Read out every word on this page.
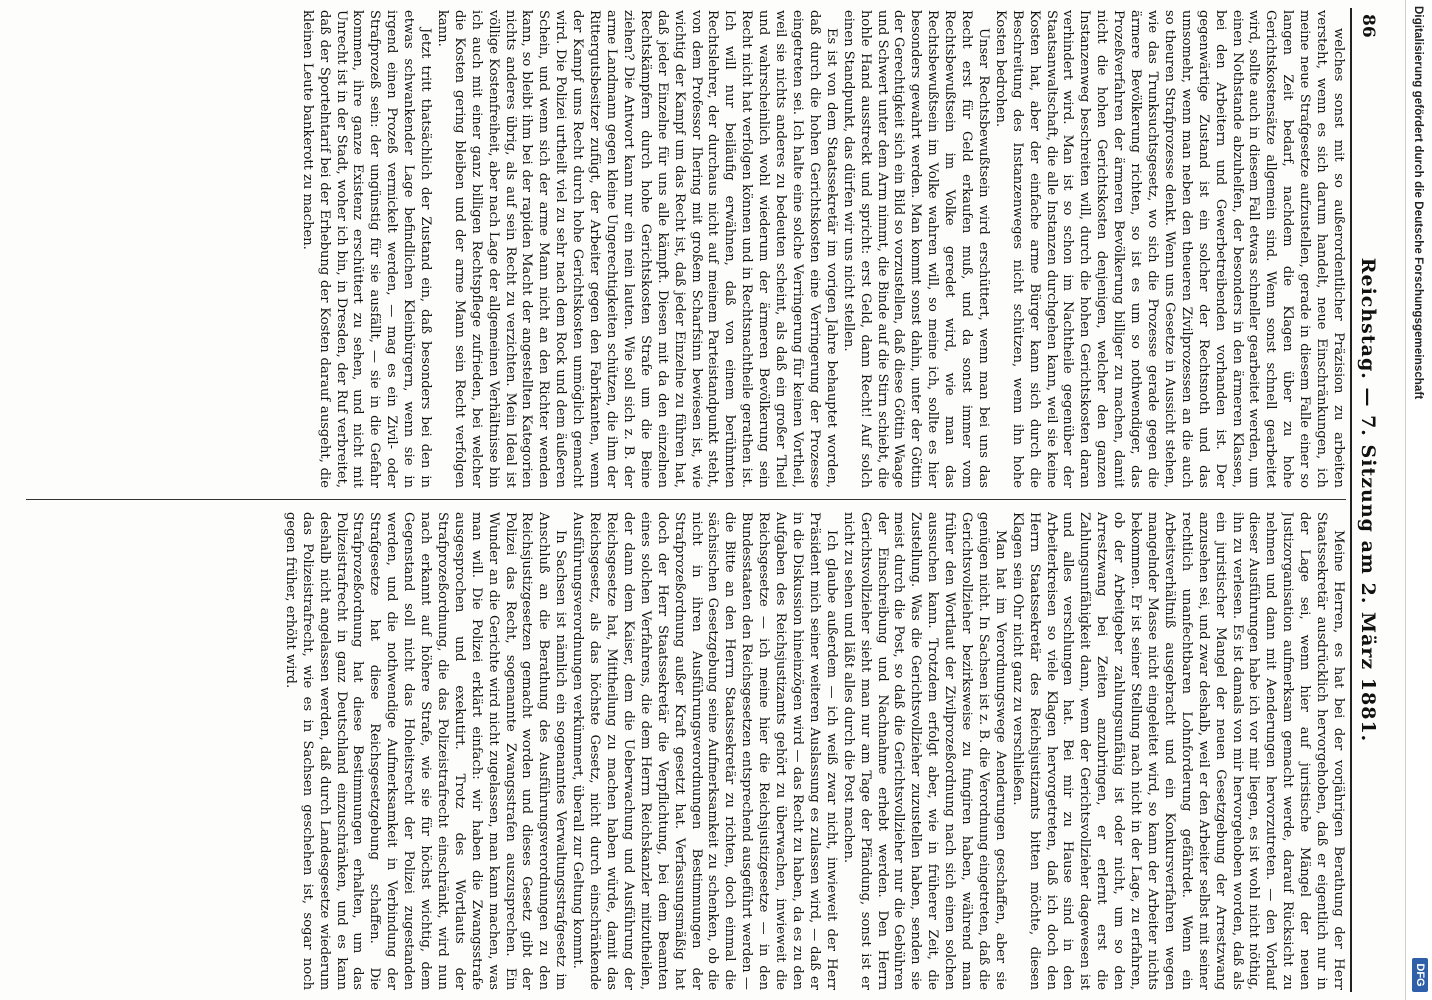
Digitalisierung gefördert durch die Deutsche Forschungsgemeinschaft
DFG
86
Reichstag. — 7. Sitzung am 2. März 1881.

welches sonst mit so außerordentlicher Präzision zu arbeiten versteht, wenn es sich darum handelt, neue Einschränkungen, ich meine neue Strafgesetze aufzustellen, gerade in diesem Falle einer so langen Zeit bedarf, nachdem die Klagen über zu hohe Gerichtskostensätze allgemein sind. Wenn sonst schnell gearbeitet wird, sollte auch in diesem Fall etwas schneller gearbeitet werden, um einen Nothstande abzuhelfen, der besonders in den ärmeren Klassen, bei den Arbeitern und Gewerbetreibenden vorhanden ist. Der gegenwärtige Zustand ist ein solcher der Rechtsnoth und das umsomehr, wenn man neben den theueren Zivilprozessen an die auch so theuren Strafprozesse denkt. Wenn uns Gesetze in Aussicht stehen, wie das Trunksuchtsgesetz, wo sich die Prozesse gerade gegen die ärmere Bevölkerung richten, so ist es um so nothwendiger, das Prozeßverfahren der ärmeren Bevölkerung billiger zu machen, damit nicht die hohen Gerichtskosten denjenigen, welcher den ganzen Instanzenweg beschreiten will, durch die hohen Gerichtskosten daran verhindert wird. Man ist so schon im Nachtheile gegenüber der Staatsanwaltschaft, die alle Instanzen durchgehen kann, weil sie keine Kosten hat, aber der einfache arme Bürger kann sich durch die Beschreitung des Instanzenweges nicht schützen, wenn ihn hohe Kosten bedrohen.

Unser Rechtsbewußtsein wird erschüttert, wenn man bei uns das Recht erst für Geld erkaufen muß, und da sonst immer vom Rechtsbewußtsein im Volke geredet wird, wie man das Rechtsbewußtsein im Volke wahren will, so meine ich, sollte es hier besonders gewahrt werden. Man kommt sonst dahin, unter der Göttin der Gerechtigkeit sich ein Bild so vorzustellen, daß diese Göttin Waage und Schwert unter dem Arm nimmt, die Binde auf die Stirn schiebt, die hohle Hand ausstreckt und spricht: erst Geld, dann Recht! Auf solch einen Standpunkt, das dürfen wir uns nicht stellen.

Es ist von dem Staatssekretär im vorigen Jahre behauptet worden, daß durch die hohen Gerichtskosten eine Verringerung der Prozesse eingetreten sei. Ich halte eine solche Verringerung für keinen Vortheil, weil sie nichts anderes zu bedeuten scheint, als daß ein großer Theil und wahrscheinlich wohl wiederum der ärmeren Bevölkerung sein Recht nicht hat verfolgen können und in Rechtsnachtheile gerathen ist. Ich will nur beiläufig erwähnen, daß von einem berühmten Rechtslehrer, der durchaus nicht auf meinem Parteistandpunkt steht, von dem Professor Ihering mit großem Scharfsinn bewiesen ist, wie wichtig der Kampf um das Recht ist, daß jeder Einzelne zu führen hat, daß jeder Einzelne für uns alle kämpft. Diesen mit da den einzelnen Rechtskämpfern durch hohe Gerichtskosten Strafe um die Beine ziehen? Die Antwort kann nur ein nein lauten. Wie soll sich z. B. der arme Landmann gegen kleine Ungerechtigkeiten schützen, die ihm der Rittergutsbesitzer zufügt, der Arbeiter gegen den Fabrikanten, wenn der Kampf ums Recht durch hohe Gerichtskosten unmöglich gemacht wird. Die Polizei urtheilt viel zu sehr nach dem Rock und dem äußeren Schein, und wenn sich der arme Mann nicht an den Richter wenden kann, so bleibt ihm bei der rapiden Macht der angestellten Kategorien nichts anderes übrig, als auf sein Recht zu verzichten. Mein Ideal ist völlige Kostenfreiheit, aber nach Lage der allgemeinen Verhältnisse bin ich auch mit einer ganz billigen Rechtspflege zufrieden, bei welcher die Kosten gering bleiben und der arme Mann sein Recht verfolgen kann.

Jetzt tritt thatsächlich der Zustand ein, daß besonders bei den in etwas schwankender Lage befindlichen Kleinbürgern, wenn sie in irgend einen Prozeß vermickelt werden, — mag es ein Zivil- oder Strafprozeß sein: der ungünstig für sie ausfällt, — sie in die Gefahr kommen, ihre ganze Existenz erschüttert zu sehen, und nicht mit Unrecht ist in der Stadt, woher ich bin, in Dresden, der Ruf verbreitet, daß der Sportelntarif bei der Erhebung der Kosten darauf ausgeht, die kleinen Leute bankerott zu machen.

Meine Herren, es hat bei der vorjährigen Berathung der Herr Staatssekretär ausdrücklich hervorgehoben, daß er eigentlich nur in der Lage sei, wenn hier auf juristische Mängel der neuen Justizorganisation aufmerksam gemacht werde, darauf Rücksicht zu nehmen und dann mit Aenderungen hervorzutreten. — den Vorlauf dieser Ausführungen habe ich vor mir liegen, es ist wohl nicht nöthig, ihn zu verlesen. Es ist damals von mir hervorgehoben worden, daß als ein juristischer Mangel der neuen Gesetzgebung der Arrestzwang anzusehen sei, und zwar deshalb, weil er den Arbeiter selbst mit seiner rechtlich unanfechtbaren Lohnforderung gefährdet. Wenn ein Arbeitsverhältniß ausgebracht und ein Konkursverfahren wegen mangelnder Masse nicht eingeleitet wird, so kann der Arbeiter nichts bekommen. Er ist seiner Stellung nach nicht in der Lage, zu erfahren, ob der Arbeitgeber zahlungsunfähig ist oder nicht, um so den Arrestzwang bei Zeiten anzubringen, er erlernt erst die Zahlungsunfähigkeit dann, wenn der Gerichtsvollzieher dagewesen ist und alles verschlungen hat. Bei mir zu Hause sind in den Arbeiterkreisen so viele Klagen hervorgetreten, daß ich doch den Herrn Staatssekretär des Reichsjustizamts bitten möchte, diesen Klagen sein Ohr nicht ganz zu verschließen.

Man hat im Verordnungswege Aenderungen geschaffen, aber sie genügen nicht. In Sachsen ist z. B. die Verordnung eingetreten, daß die Gerichtsvollzieher bezirksweise zu fungiren haben, während man früher den Wortlaut der Zivilprozeßordnung nach sich einen solchen aussuchen kann. Trotzdem erfolgt aber, wie in früherer Zeit, die Zustellung. Was die Gerichtsvollzieher zuzustellen haben, senden sie meist durch die Post, so daß die Gerichtsvollzieher nur die Gebühren der Einschreibung und Nachnahme erhebt werden. Den Herrn Gerichtsvollzieher sieht man nur am Tage der Pfändung, sonst ist er nicht zu sehen und läßt alles durch die Post machen.

Ich glaube außerdem — ich weiß zwar nicht, inwieweit der Herr Präsident mich seiner weiteren Auslassung es zulassen wird, — daß er in die Diskussion hineinzögen wird — das Recht zu haben, da es zu den Aufgaben des Reichsjustizamts gehört zu überwachen, inwieweit die Reichsgesetze — ich meine hier die Reichsjustizgesetze — in den Bundesstaaten den Reichsgesetzen entsprechend ausgeführt werden — die Bitte an den Herrn Staatssekretär zu richten, doch einmal die sächsischen Gesetzgebung seine Aufmerksamkeit zu schenken, ob die nicht in ihren Ausführungsverordnungen Bestimmungen der Strafprozeßordnung außer Kraft gesetzt hat. Verfassungsmäßig hat doch der Herr Staatssekretär die Verpflichtung, bei dem Beamten eines solchen Verfahrens, die dem Herrn Reichskanzler mitzutheilen, der dann dem Kaiser, dem die Ueberwachung und Ausführung der Reichsgesetze hat, Mittheilung zu machen haben würde, damit das Reichsgesetz, als das höchste Gesetz, nicht durch einschränkende Ausführungsverordnungen verkümmert, überall zur Geltung kommt.

In Sachsen ist nämlich ein sogenanntes Verwaltungsstrafgesetz im Anschluß an die Berathung des Ausführungsverordnungen zu den Reichsjustizgesetzen gemacht worden und dieses Gesetz gibt der Polizei das Recht, sogenannte Zwangsstrafen auszusprechen. Ein Wunder an die Gerichte wird nicht zugelassen, man kann machen, was man will. Die Polizei erklärt einfach: wir haben die Zwangsstrafe ausgesprochen und exekutirt. Trotz des Wortlauts der Strafprozeßordnung, die das Polizeistrafrecht einschränkt, wird nun nach erkannt auf höhere Strafe, wie sie für höchst wichtig, dem Gegenstand soll nicht das Hoheitsrecht der Polizei zugestanden werden, und die nothwendige Aufmerksamkeit in Verbindung der Strafgesetze hat diese Reichsgesetzgebung schaffen. Die Strafprozeßordnung hat diese Bestimmungen erhalten, um das Polizeistrafrecht in ganz Deutschland einzuschränken, und es kann deshalb nicht angelassen werden, daß durch Landesgesetze wiederum das Polizeistrafrecht, wie es in Sachsen geschehen ist, sogar noch gegen früher, erhöht wird.
